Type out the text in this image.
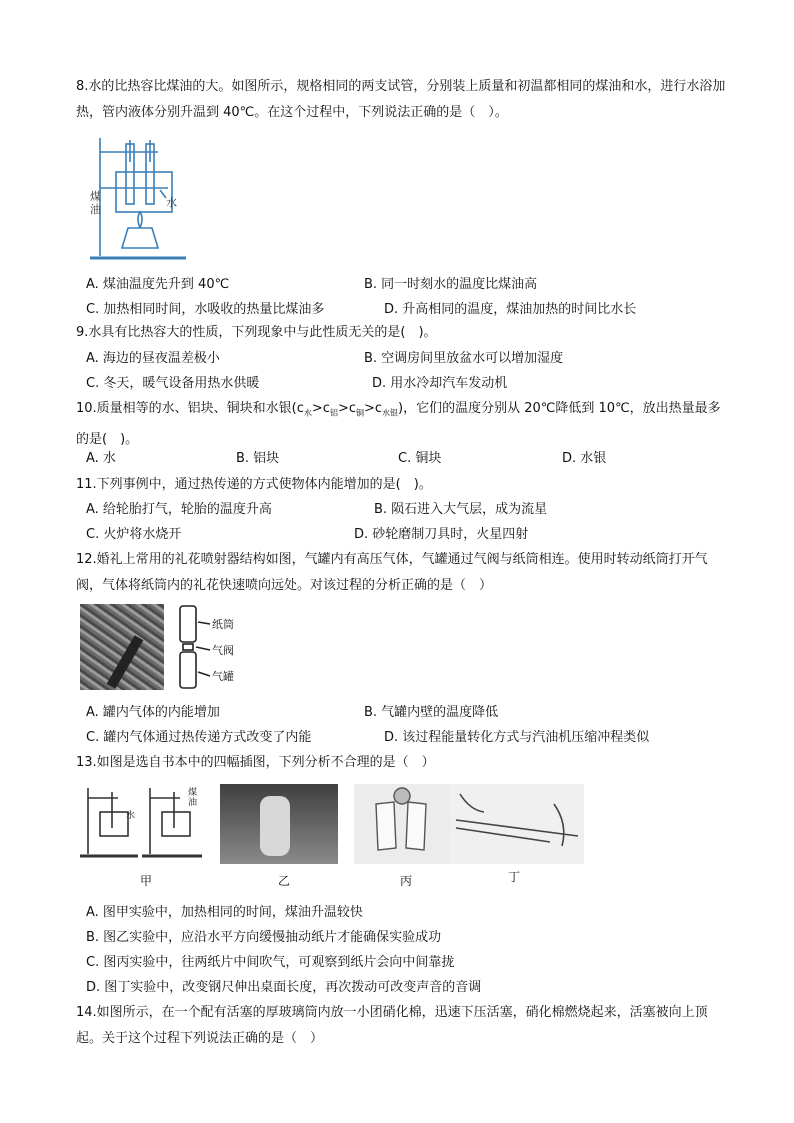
8.水的比热容比煤油的大。如图所示，规格相同的两支试管，分别装上质量和初温都相同的煤油和水，进行水浴加热，管内液体分别升温到 40℃。在这个过程中，下列说法正确的是（　）。
煤油
水
A. 煤油温度先升到 40℃	B. 同一时刻水的温度比煤油高
C. 加热相同时间，水吸收的热量比煤油多	D. 升高相同的温度，煤油加热的时间比水长
9.水具有比热容大的性质，下列现象中与此性质无关的是(　)。
A. 海边的昼夜温差极小	B. 空调房间里放盆水可以增加湿度
C. 冬天，暖气设备用热水供暖	D. 用水冷却汽车发动机
10.质量相等的水、铝块、铜块和水银$(c_水>c_铝>c_铜>c_{水银})$，它们的温度分别从 20℃降低到 10℃，放出热量最多的是(　)。
A. 水	B. 铝块	C. 铜块	D. 水银
11.下列事例中，通过热传递的方式使物体内能增加的是(　)。
A. 给轮胎打气，轮胎的温度升高	B. 陨石进入大气层，成为流星
C. 火炉将水烧开	D. 砂轮磨制刀具时，火星四射
12.婚礼上常用的礼花喷射器结构如图，气罐内有高压气体，气罐通过气阀与纸筒相连。使用时转动纸筒打开气阀，气体将纸筒内的礼花快速喷向远处。对该过程的分析正确的是（　）
纸筒
气阀
气罐
A. 罐内气体的内能增加	B. 气罐内壁的温度降低
C. 罐内气体通过热传递方式改变了内能	D. 该过程能量转化方式与汽油机压缩冲程类似
13.如图是选自书本中的四幅插图，下列分析不合理的是（　）
水
煤油
甲	乙	丙	丁
A. 图甲实验中，加热相同的时间，煤油升温较快
B. 图乙实验中，应沿水平方向缓慢抽动纸片才能确保实验成功
C. 图丙实验中，往两纸片中间吹气，可观察到纸片会向中间靠拢
D. 图丁实验中，改变钢尺伸出桌面长度，再次拨动可改变声音的音调
14.如图所示，在一个配有活塞的厚玻璃筒内放一小团硝化棉，迅速下压活塞，硝化棉燃烧起来，活塞被向上顶起。关于这个过程下列说法正确的是（　）
